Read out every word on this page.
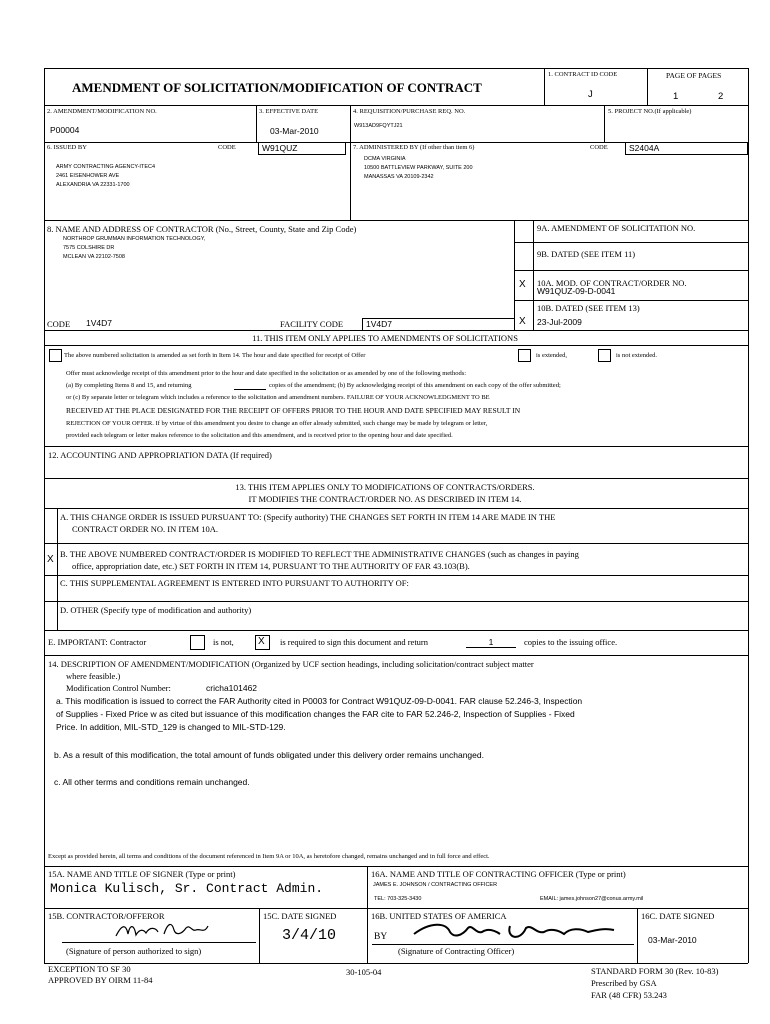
AMENDMENT OF SOLICITATION/MODIFICATION OF CONTRACT
1. CONTRACT ID CODE
J
PAGE OF PAGES
1	2
2. AMENDMENT/MODIFICATION NO.
P00004
3. EFFECTIVE DATE
03-Mar-2010
4. REQUISITION/PURCHASE REQ. NO.
W913AD9FQYTJ21
5. PROJECT NO.(If applicable)
6. ISSUED BY	CODE	W91QUZ
ARMY CONTRACTING AGENCY-ITEC4
2461 EISENHOWER AVE
ALEXANDRIA VA 22331-1700
7. ADMINISTERED BY (If other than item 6)	CODE	S2404A
DCMA VIRGINIA
10500 BATTLEVIEW PARKWAY, SUITE 200
MANASSAS VA 20109-2342
8. NAME AND ADDRESS OF CONTRACTOR (No., Street, County, State and Zip Code)
NORTHROP GRUMMAN INFORMATION TECHNOLOGY,
7575 COLSHIRE DR
MCLEAN VA 22102-7508
CODE 1V4D7	FACILITY CODE	1V4D7
9A. AMENDMENT OF SOLICITATION NO.
9B. DATED (SEE ITEM 11)
X 10A. MOD. OF CONTRACT/ORDER NO.
W91QUZ-09-D-0041
10B. DATED (SEE ITEM 13)
X 23-Jul-2009
11. THIS ITEM ONLY APPLIES TO AMENDMENTS OF SOLICITATIONS
The above numbered solicitation is amended as set forth in Item 14. The hour and date specified for receipt of Offer	is extended,	is not extended.
Offer must acknowledge receipt of this amendment prior to the hour and date specified in the solicitation or as amended by one of the following methods:
(a) By completing Items 8 and 15, and returning	copies of the amendment; (b) By acknowledging receipt of this amendment on each copy of the offer submitted;
or (c) By separate letter or telegram which includes a reference to the solicitation and amendment numbers. FAILURE OF YOUR ACKNOWLEDGMENT TO BE
RECEIVED AT THE PLACE DESIGNATED FOR THE RECEIPT OF OFFERS PRIOR TO THE HOUR AND DATE SPECIFIED MAY RESULT IN
REJECTION OF YOUR OFFER. If by virtue of this amendment you desire to change an offer already submitted, such change may be made by telegram or letter,
provided each telegram or letter makes reference to the solicitation and this amendment, and is received prior to the opening hour and date specified.
12. ACCOUNTING AND APPROPRIATION DATA (If required)
13. THIS ITEM APPLIES ONLY TO MODIFICATIONS OF CONTRACTS/ORDERS.
IT MODIFIES THE CONTRACT/ORDER NO. AS DESCRIBED IN ITEM 14.
A. THIS CHANGE ORDER IS ISSUED PURSUANT TO: (Specify authority) THE CHANGES SET FORTH IN ITEM 14 ARE MADE IN THE
CONTRACT ORDER NO. IN ITEM 10A.
X B. THE ABOVE NUMBERED CONTRACT/ORDER IS MODIFIED TO REFLECT THE ADMINISTRATIVE CHANGES (such as changes in paying
office, appropriation date, etc.) SET FORTH IN ITEM 14, PURSUANT TO THE AUTHORITY OF FAR 43.103(B).
C. THIS SUPPLEMENTAL AGREEMENT IS ENTERED INTO PURSUANT TO AUTHORITY OF:
D. OTHER (Specify type of modification and authority)
E. IMPORTANT: Contractor	is not, X is required to sign this document and return	1	copies to the issuing office.
14. DESCRIPTION OF AMENDMENT/MODIFICATION (Organized by UCF section headings, including solicitation/contract subject matter
where feasible.)
Modification Control Number:	cricha101462
a. This modification is issued to correct the FAR Authority cited in P0003 for Contract W91QUZ-09-D-0041. FAR clause 52.246-3, Inspection
of Supplies - Fixed Price w as cited but issuance of this modification changes the FAR cite to FAR 52.246-2, Inspection of Supplies - Fixed
Price. In addition, MIL-STD_129 is changed to MIL-STD-129.
b. As a result of this modification, the total amount of funds obligated under this delivery order remains unchanged.
c. All other terms and conditions remain unchanged.
Except as provided herein, all terms and conditions of the document referenced in Item 9A or 10A, as heretofore changed, remains unchanged and in full force and effect.
15A. NAME AND TITLE OF SIGNER (Type or print)
Monica Kulisch, Sr. Contract Admin.
16A. NAME AND TITLE OF CONTRACTING OFFICER (Type or print)
JAMES E. JOHNSON / CONTRACTING OFFICER
TEL: 703-325-3430	EMAIL: james.johnson27@conus.army.mil
15B. CONTRACTOR/OFFEROR
(Signature of person authorized to sign)
15C. DATE SIGNED
3/4/10
16B. UNITED STATES OF AMERICA
BY
(Signature of Contracting Officer)
16C. DATE SIGNED
03-Mar-2010
EXCEPTION TO SF 30
APPROVED BY OIRM 11-84
30-105-04	STANDARD FORM 30 (Rev. 10-83)
Prescribed by GSA
FAR (48 CFR) 53.243
